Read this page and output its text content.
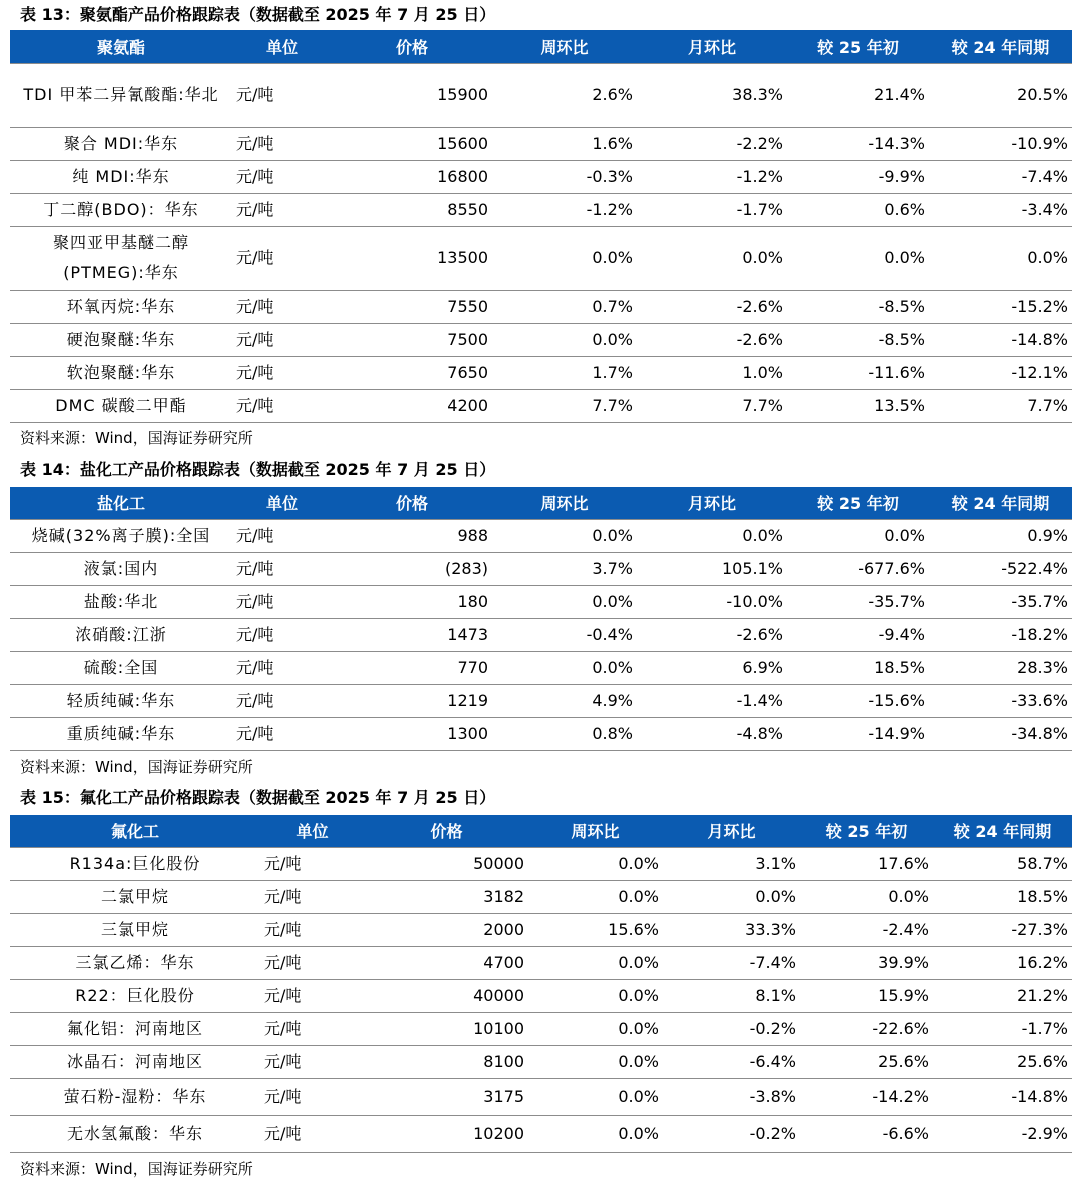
表 13：聚氨酯产品价格跟踪表（数据截至 2025 年 7 月 25 日）
聚氨酯	单位	价格	周环比	月环比	较 25 年初	较 24 年同期
TDI 甲苯二异氰酸酯:华北	元/吨	15900	2.6%	38.3%	21.4%	20.5%
聚合 MDI:华东	元/吨	15600	1.6%	-2.2%	-14.3%	-10.9%
纯 MDI:华东	元/吨	16800	-0.3%	-1.2%	-9.9%	-7.4%
丁二醇(BDO)：华东	元/吨	8550	-1.2%	-1.7%	0.6%	-3.4%
聚四亚甲基醚二醇(PTMEG):华东	元/吨	13500	0.0%	0.0%	0.0%	0.0%
环氧丙烷:华东	元/吨	7550	0.7%	-2.6%	-8.5%	-15.2%
硬泡聚醚:华东	元/吨	7500	0.0%	-2.6%	-8.5%	-14.8%
软泡聚醚:华东	元/吨	7650	1.7%	1.0%	-11.6%	-12.1%
DMC 碳酸二甲酯	元/吨	4200	7.7%	7.7%	13.5%	7.7%
资料来源：Wind，国海证券研究所
表 14：盐化工产品价格跟踪表（数据截至 2025 年 7 月 25 日）
盐化工	单位	价格	周环比	月环比	较 25 年初	较 24 年同期
烧碱(32%离子膜):全国	元/吨	988	0.0%	0.0%	0.0%	0.9%
液氯:国内	元/吨	(283)	3.7%	105.1%	-677.6%	-522.4%
盐酸:华北	元/吨	180	0.0%	-10.0%	-35.7%	-35.7%
浓硝酸:江浙	元/吨	1473	-0.4%	-2.6%	-9.4%	-18.2%
硫酸:全国	元/吨	770	0.0%	6.9%	18.5%	28.3%
轻质纯碱:华东	元/吨	1219	4.9%	-1.4%	-15.6%	-33.6%
重质纯碱:华东	元/吨	1300	0.8%	-4.8%	-14.9%	-34.8%
资料来源：Wind，国海证券研究所
表 15：氟化工产品价格跟踪表（数据截至 2025 年 7 月 25 日）
氟化工	单位	价格	周环比	月环比	较 25 年初	较 24 年同期
R134a:巨化股份	元/吨	50000	0.0%	3.1%	17.6%	58.7%
二氯甲烷	元/吨	3182	0.0%	0.0%	0.0%	18.5%
三氯甲烷	元/吨	2000	15.6%	33.3%	-2.4%	-27.3%
三氯乙烯：华东	元/吨	4700	0.0%	-7.4%	39.9%	16.2%
R22：巨化股份	元/吨	40000	0.0%	8.1%	15.9%	21.2%
氟化铝：河南地区	元/吨	10100	0.0%	-0.2%	-22.6%	-1.7%
冰晶石：河南地区	元/吨	8100	0.0%	-6.4%	25.6%	25.6%
萤石粉-湿粉：华东	元/吨	3175	0.0%	-3.8%	-14.2%	-14.8%
无水氢氟酸：华东	元/吨	10200	0.0%	-0.2%	-6.6%	-2.9%
资料来源：Wind，国海证券研究所
